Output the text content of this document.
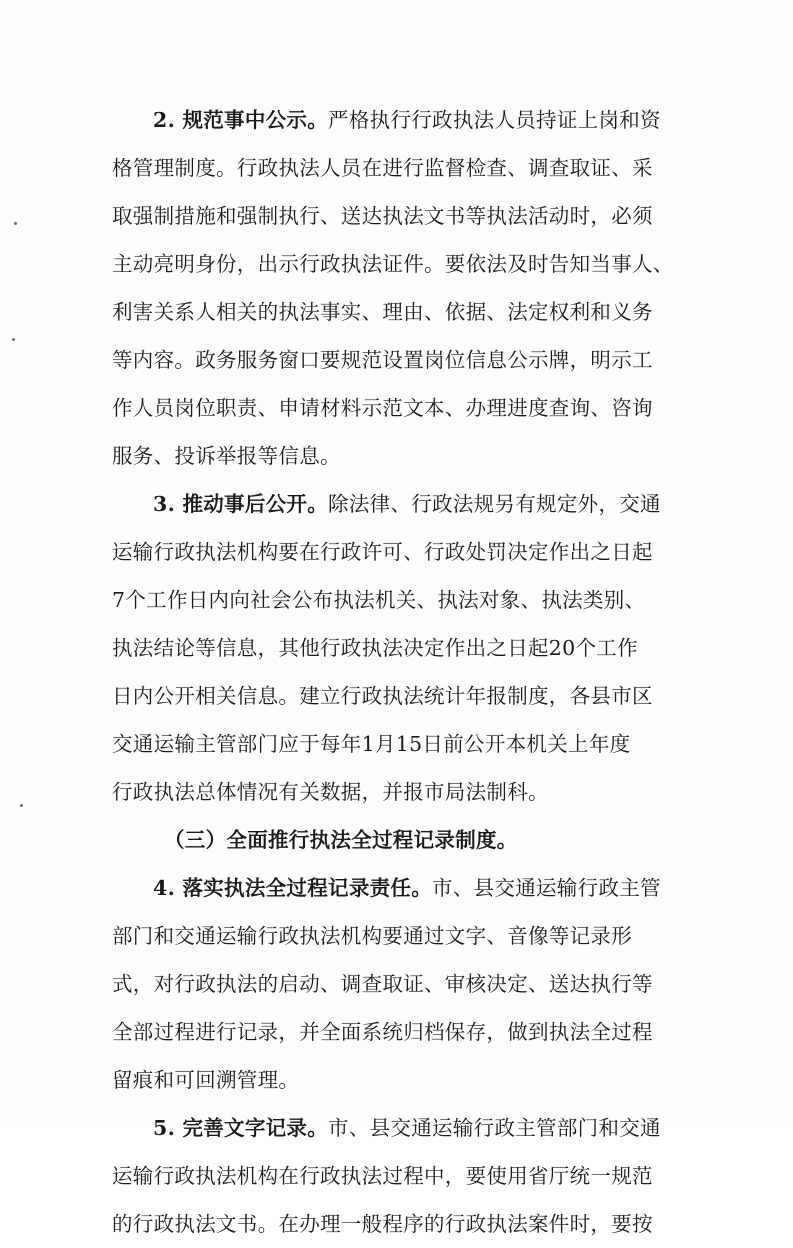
2. 规范事中公示。严格执行行政执法人员持证上岗和资
格管理制度。行政执法人员在进行监督检查、调查取证、采
取强制措施和强制执行、送达执法文书等执法活动时，必须
主动亮明身份，出示行政执法证件。要依法及时告知当事人、
利害关系人相关的执法事实、理由、依据、法定权利和义务
等内容。政务服务窗口要规范设置岗位信息公示牌，明示工
作人员岗位职责、申请材料示范文本、办理进度查询、咨询
服务、投诉举报等信息。
3. 推动事后公开。除法律、行政法规另有规定外，交通
运输行政执法机构要在行政许可、行政处罚决定作出之日起
7个工作日内向社会公布执法机关、执法对象、执法类别、
执法结论等信息，其他行政执法决定作出之日起20个工作
日内公开相关信息。建立行政执法统计年报制度，各县市区
交通运输主管部门应于每年1月15日前公开本机关上年度
行政执法总体情况有关数据，并报市局法制科。
（三）全面推行执法全过程记录制度。
4. 落实执法全过程记录责任。市、县交通运输行政主管
部门和交通运输行政执法机构要通过文字、音像等记录形
式，对行政执法的启动、调查取证、审核决定、送达执行等
全部过程进行记录，并全面系统归档保存，做到执法全过程
留痕和可回溯管理。
5. 完善文字记录。市、县交通运输行政主管部门和交通
运输行政执法机构在行政执法过程中，要使用省厅统一规范
的行政执法文书。在办理一般程序的行政执法案件时，要按
